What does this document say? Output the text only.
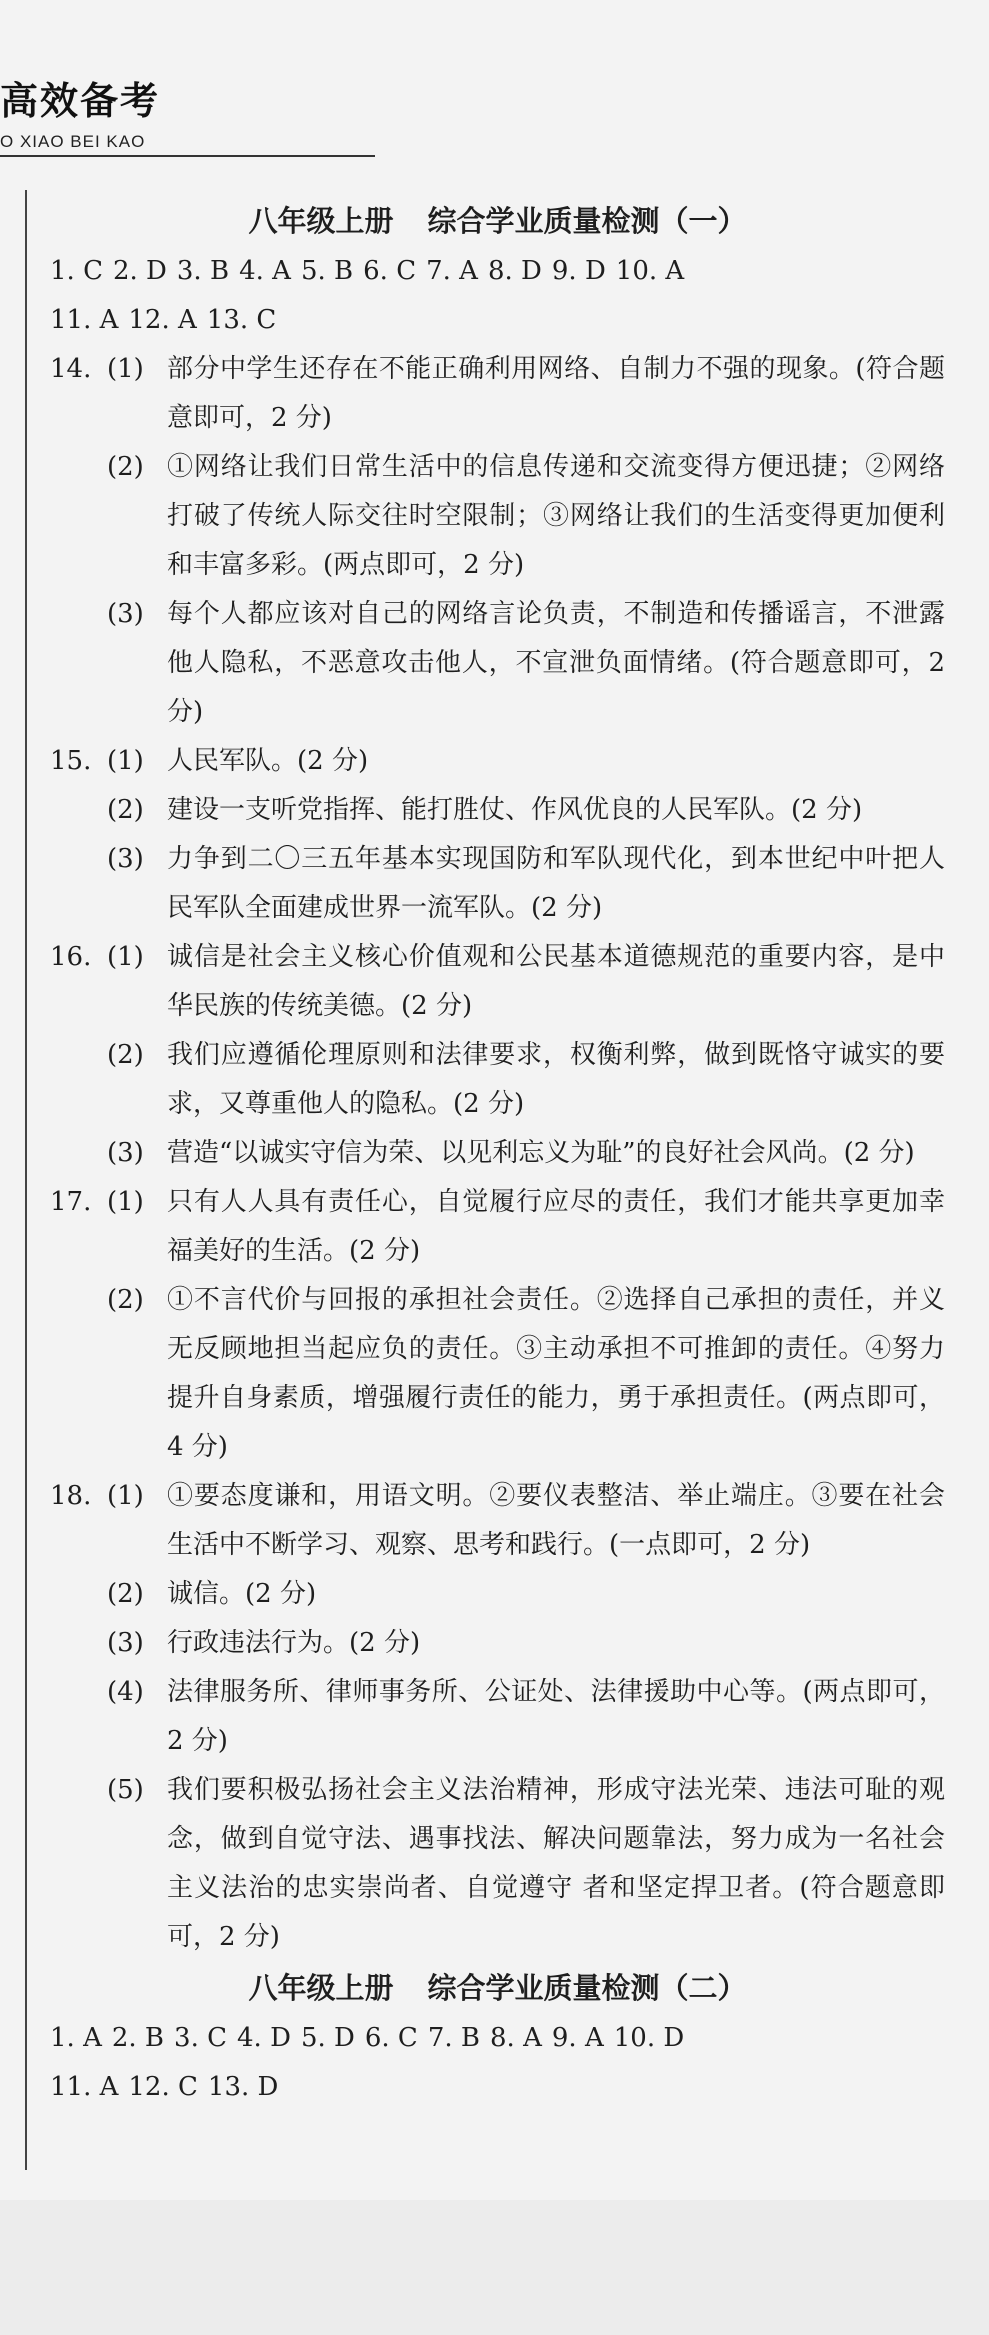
高效备考
O XIAO BEI KAO
八年级上册 综合学业质量检测（一）
1. C 2. D 3. B 4. A 5. B 6. C 7. A 8. D 9. D 10. A
11. A 12. A 13. C
14. (1) 部分中学生还存在不能正确利用网络、自制力不强的现象。(符合题意即可，2 分)
(2) ①网络让我们日常生活中的信息传递和交流变得方便迅捷；②网络打破了传统人际交往时空限制；③网络让我们的生活变得更加便利和丰富多彩。(两点即可，2 分)
(3) 每个人都应该对自己的网络言论负责，不制造和传播谣言，不泄露他人隐私，不恶意攻击他人，不宣泄负面情绪。(符合题意即可，2 分)
15. (1) 人民军队。(2 分)
(2) 建设一支听党指挥、能打胜仗、作风优良的人民军队。(2 分)
(3) 力争到二〇三五年基本实现国防和军队现代化，到本世纪中叶把人民军队全面建成世界一流军队。(2 分)
16. (1) 诚信是社会主义核心价值观和公民基本道德规范的重要内容，是中华民族的传统美德。(2 分)
(2) 我们应遵循伦理原则和法律要求，权衡利弊，做到既恪守诚实的要求，又尊重他人的隐私。(2 分)
(3) 营造“以诚实守信为荣、以见利忘义为耻”的良好社会风尚。(2 分)
17. (1) 只有人人具有责任心，自觉履行应尽的责任，我们才能共享更加幸福美好的生活。(2 分)
(2) ①不言代价与回报的承担社会责任。②选择自己承担的责任，并义无反顾地担当起应负的责任。③主动承担不可推卸的责任。④努力提升自身素质，增强履行责任的能力，勇于承担责任。(两点即可，4 分)
18. (1) ①要态度谦和，用语文明。②要仪表整洁、举止端庄。③要在社会生活中不断学习、观察、思考和践行。(一点即可，2 分)
(2) 诚信。(2 分)
(3) 行政违法行为。(2 分)
(4) 法律服务所、律师事务所、公证处、法律援助中心等。(两点即可，2 分)
(5) 我们要积极弘扬社会主义法治精神，形成守法光荣、违法可耻的观念，做到自觉守法、遇事找法、解决问题靠法，努力成为一名社会主义法治的忠实崇尚者、自觉遵守 者和坚定捍卫者。(符合题意即可，2 分)
八年级上册 综合学业质量检测（二）
1. A 2. B 3. C 4. D 5. D 6. C 7. B 8. A 9. A 10. D
11. A 12. C 13. D
